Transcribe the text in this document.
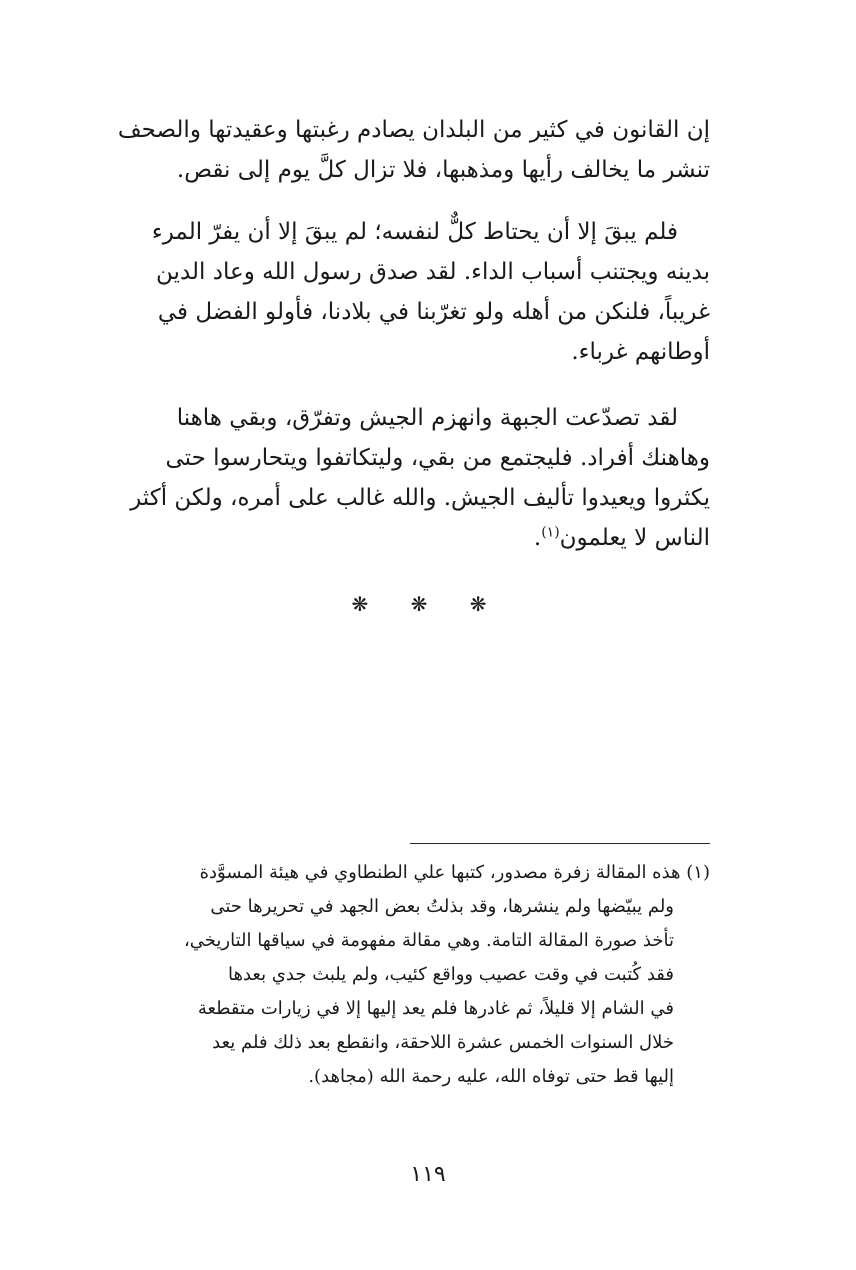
إن القانون في كثير من البلدان يصادم رغبتها وعقيدتها والصحف
تنشر ما يخالف رأيها ومذهبها، فلا تزال كلَّ يوم إلى نقص.
فلم يبقَ إلا أن يحتاط كلٌّ لنفسه؛ لم يبقَ إلا أن يفرّ المرء
بدينه ويجتنب أسباب الداء. لقد صدق رسول الله وعاد الدين
غريباً، فلنكن من أهله ولو تغرّبنا في بلادنا، فأولو الفضل في
أوطانهم غرباء.
لقد تصدّعت الجبهة وانهزم الجيش وتفرّق، وبقي هاهنا
وهاهنك أفراد. فليجتمع من بقي، وليتكاتفوا ويتحارسوا حتى
يكثروا ويعيدوا تأليف الجيش. والله غالب على أمره، ولكن أكثر
الناس لا يعلمون$^{(١)}$.
❋ ❋ ❋
(١) هذه المقالة زفرة مصدور، كتبها علي الطنطاوي في هيئة المسوَّدة
ولم يبيّضها ولم ينشرها، وقد بذلتُ بعض الجهد في تحريرها حتى
تأخذ صورة المقالة التامة. وهي مقالة مفهومة في سياقها التاريخي،
فقد كُتبت في وقت عصيب وواقع كئيب، ولم يلبث جدي بعدها
في الشام إلا قليلاً، ثم غادرها فلم يعد إليها إلا في زيارات متقطعة
خلال السنوات الخمس عشرة اللاحقة، وانقطع بعد ذلك فلم يعد
إليها قط حتى توفاه الله، عليه رحمة الله (مجاهد).
١١٩
